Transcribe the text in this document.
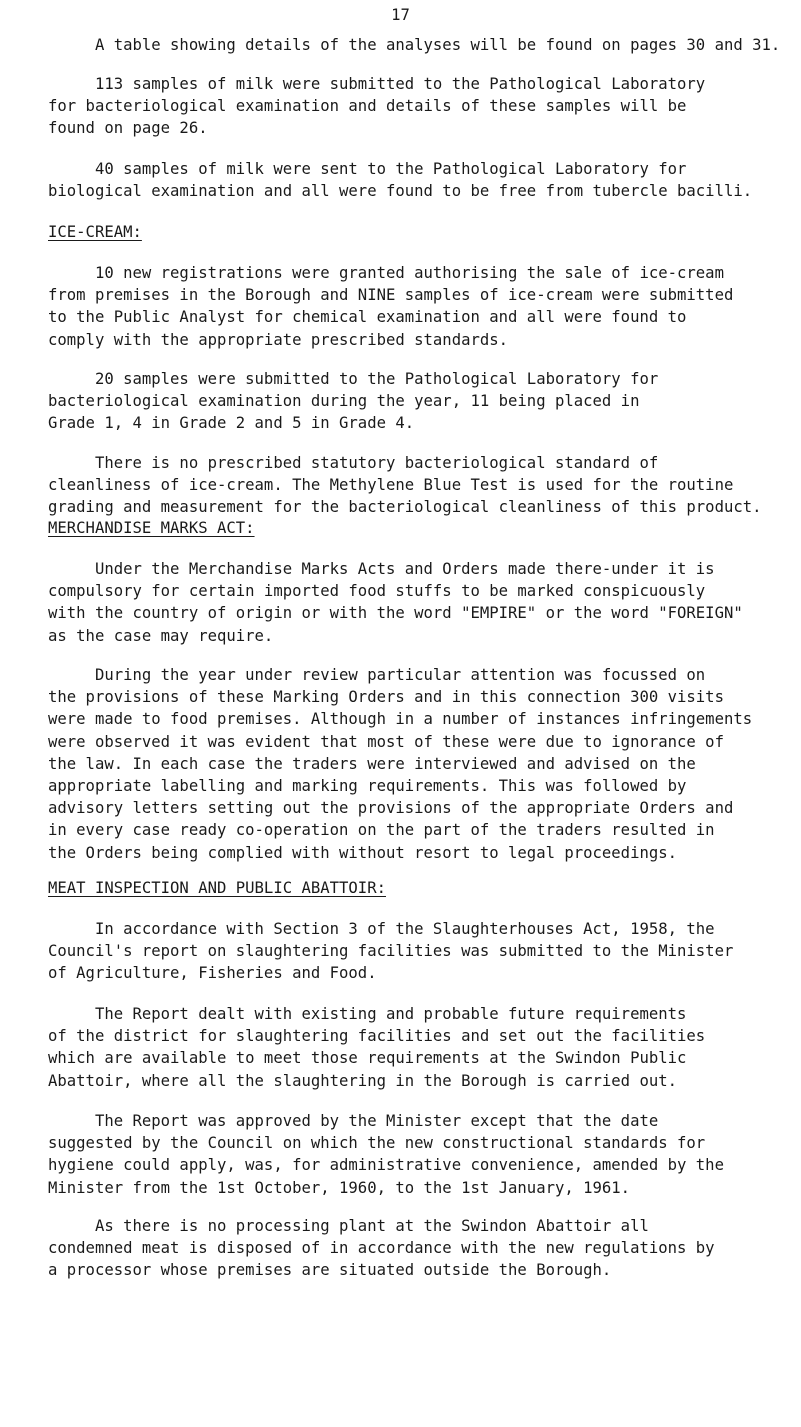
17

A table showing details of the analyses will be found on pages 30 and 31.

113 samples of milk were submitted to the Pathological Laboratory
for bacteriological examination and details of these samples will be
found on page 26.

40 samples of milk were sent to the Pathological Laboratory for
biological examination and all were found to be free from tubercle bacilli.

ICE-CREAM:

10 new registrations were granted authorising the sale of ice-cream
from premises in the Borough and NINE samples of ice-cream were submitted
to the Public Analyst for chemical examination and all were found to
comply with the appropriate prescribed standards.

20 samples were submitted to the Pathological Laboratory for
bacteriological examination during the year, 11 being placed in
Grade 1, 4 in Grade 2 and 5 in Grade 4.

There is no prescribed statutory bacteriological standard of
cleanliness of ice-cream. The Methylene Blue Test is used for the routine
grading and measurement for the bacteriological cleanliness of this product.

MERCHANDISE MARKS ACT:

Under the Merchandise Marks Acts and Orders made there-under it is
compulsory for certain imported food stuffs to be marked conspicuously
with the country of origin or with the word "EMPIRE" or the word "FOREIGN"
as the case may require.

During the year under review particular attention was focussed on
the provisions of these Marking Orders and in this connection 300 visits
were made to food premises. Although in a number of instances infringements
were observed it was evident that most of these were due to ignorance of
the law. In each case the traders were interviewed and advised on the
appropriate labelling and marking requirements. This was followed by
advisory letters setting out the provisions of the appropriate Orders and
in every case ready co-operation on the part of the traders resulted in
the Orders being complied with without resort to legal proceedings.

MEAT INSPECTION AND PUBLIC ABATTOIR:

In accordance with Section 3 of the Slaughterhouses Act, 1958, the
Council's report on slaughtering facilities was submitted to the Minister
of Agriculture, Fisheries and Food.

The Report dealt with existing and probable future requirements
of the district for slaughtering facilities and set out the facilities
which are available to meet those requirements at the Swindon Public
Abattoir, where all the slaughtering in the Borough is carried out.

The Report was approved by the Minister except that the date
suggested by the Council on which the new constructional standards for
hygiene could apply, was, for administrative convenience, amended by the
Minister from the 1st October, 1960, to the 1st January, 1961.

As there is no processing plant at the Swindon Abattoir all
condemned meat is disposed of in accordance with the new regulations by
a processor whose premises are situated outside the Borough.
